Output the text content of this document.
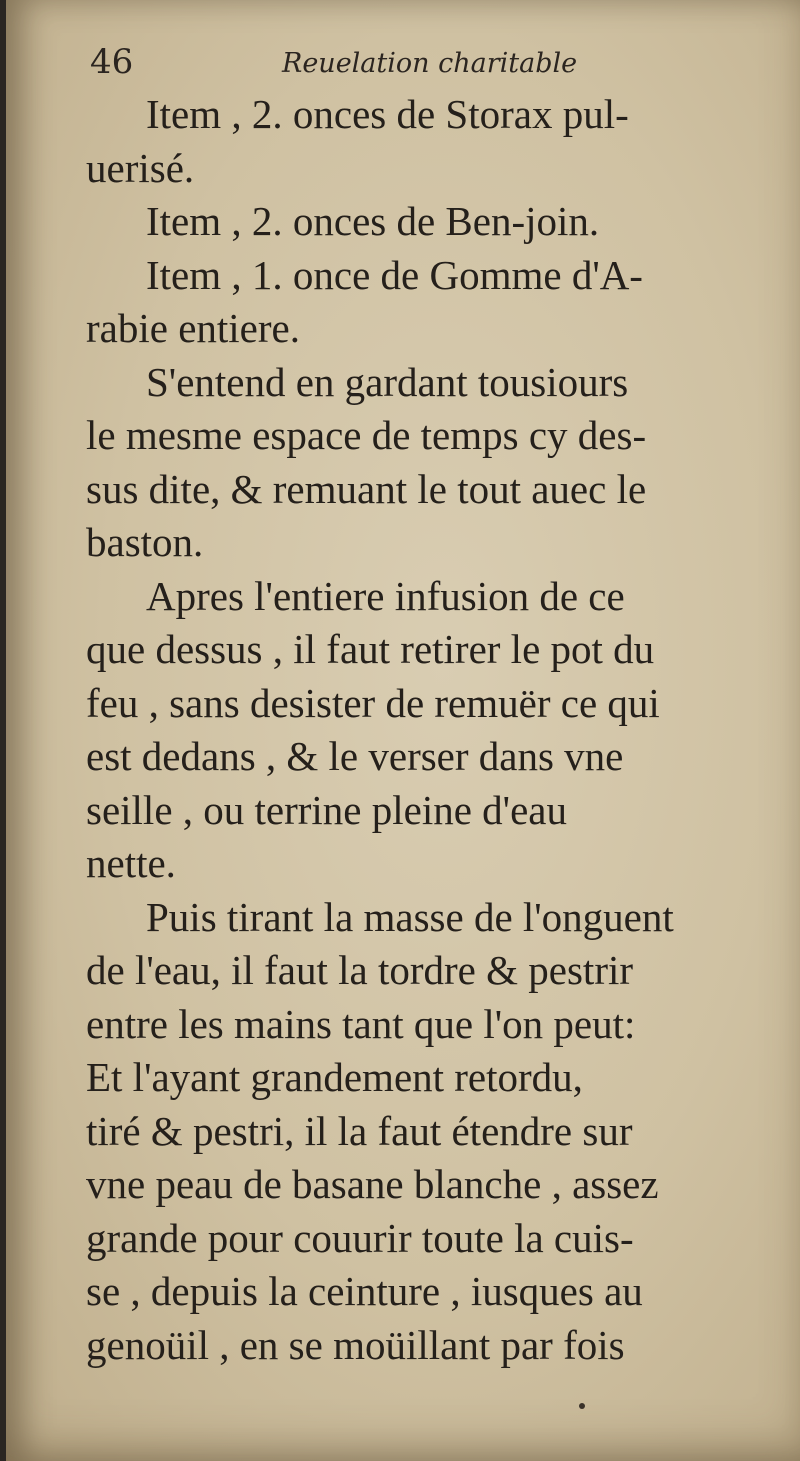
46	Reuelation charitable
Item , 2. onces de Storax pul-
uerisé.
Item , 2. onces de Ben-join.
Item , 1. once de Gomme d'A-
rabie entiere.
S'entend en gardant tousiours
le mesme espace de temps cy des-
sus dite, & remuant le tout auec le
baston.
Apres l'entiere infusion de ce
que dessus , il faut retirer le pot du
feu , sans desister de remuër ce qui
est dedans , & le verser dans vne
seille , ou terrine pleine d'eau
nette.
Puis tirant la masse de l'onguent
de l'eau, il faut la tordre & pestrir
entre les mains tant que l'on peut:
Et l'ayant grandement retordu,
tiré & pestri, il la faut étendre sur
vne peau de basane blanche , assez
grande pour couurir toute la cuis-
se , depuis la ceinture , iusques au
genoüil , en se moüillant par fois
